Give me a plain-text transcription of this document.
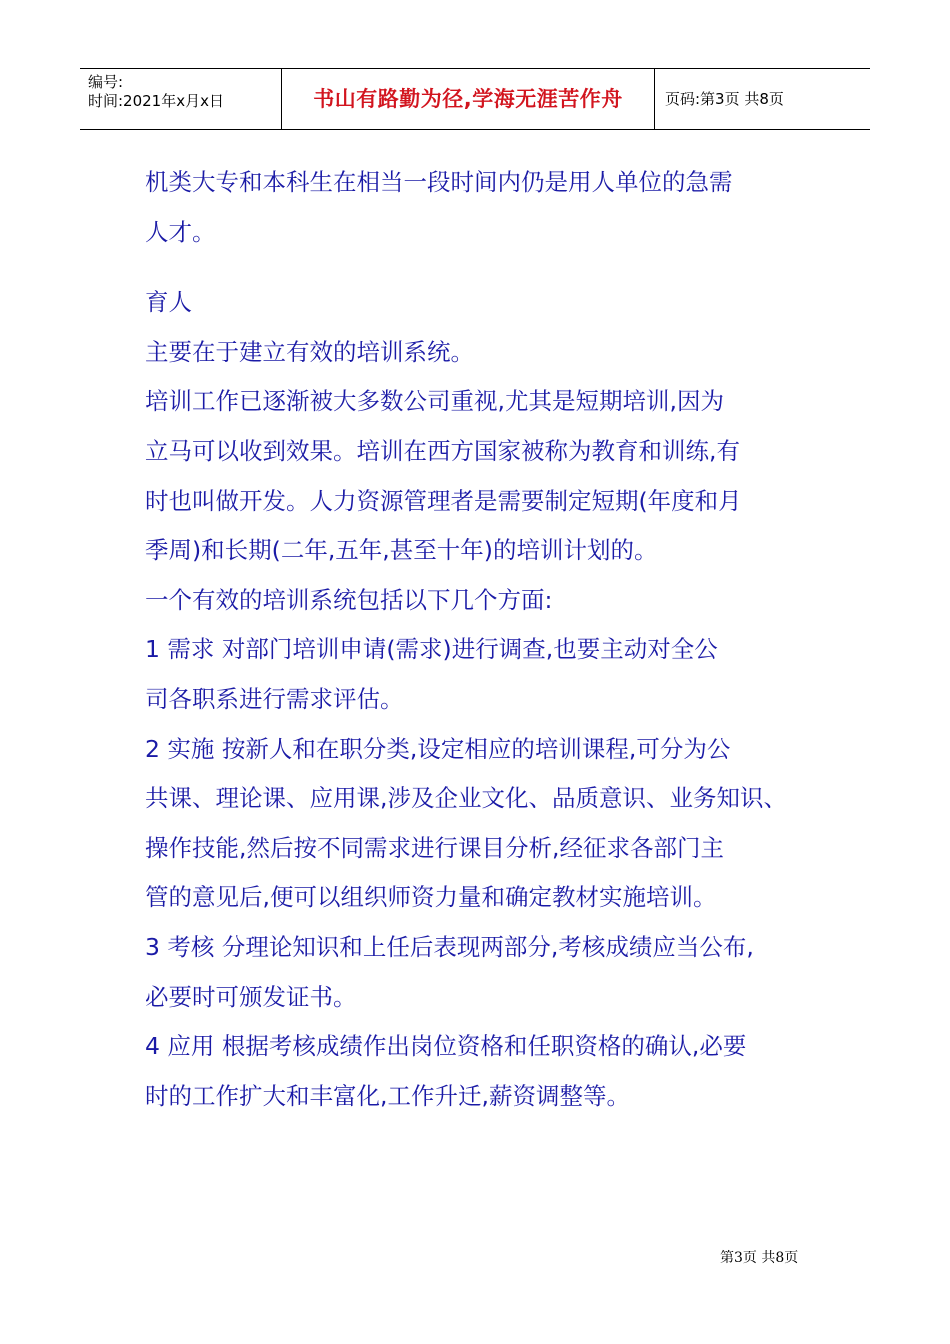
编号:
时间:2021年x月x日	书山有路勤为径,学海无涯苦作舟	页码:第3页 共8页

机类大专和本科生在相当一段时间内仍是用人单位的急需

人才。

育人

主要在于建立有效的培训系统。

培训工作已逐渐被大多数公司重视,尤其是短期培训,因为

立马可以收到效果。培训在西方国家被称为教育和训练,有

时也叫做开发。人力资源管理者是需要制定短期(年度和月

季周)和长期(二年,五年,甚至十年)的培训计划的。

一个有效的培训系统包括以下几个方面:

1 需求 对部门培训申请(需求)进行调查,也要主动对全公

司各职系进行需求评估。

2 实施 按新人和在职分类,设定相应的培训课程,可分为公

共课、理论课、应用课,涉及企业文化、品质意识、业务知识、

操作技能,然后按不同需求进行课目分析,经征求各部门主

管的意见后,便可以组织师资力量和确定教材实施培训。

3 考核 分理论知识和上任后表现两部分,考核成绩应当公布,

必要时可颁发证书。

4 应用 根据考核成绩作出岗位资格和任职资格的确认,必要

时的工作扩大和丰富化,工作升迁,薪资调整等。

第3页 共8页
